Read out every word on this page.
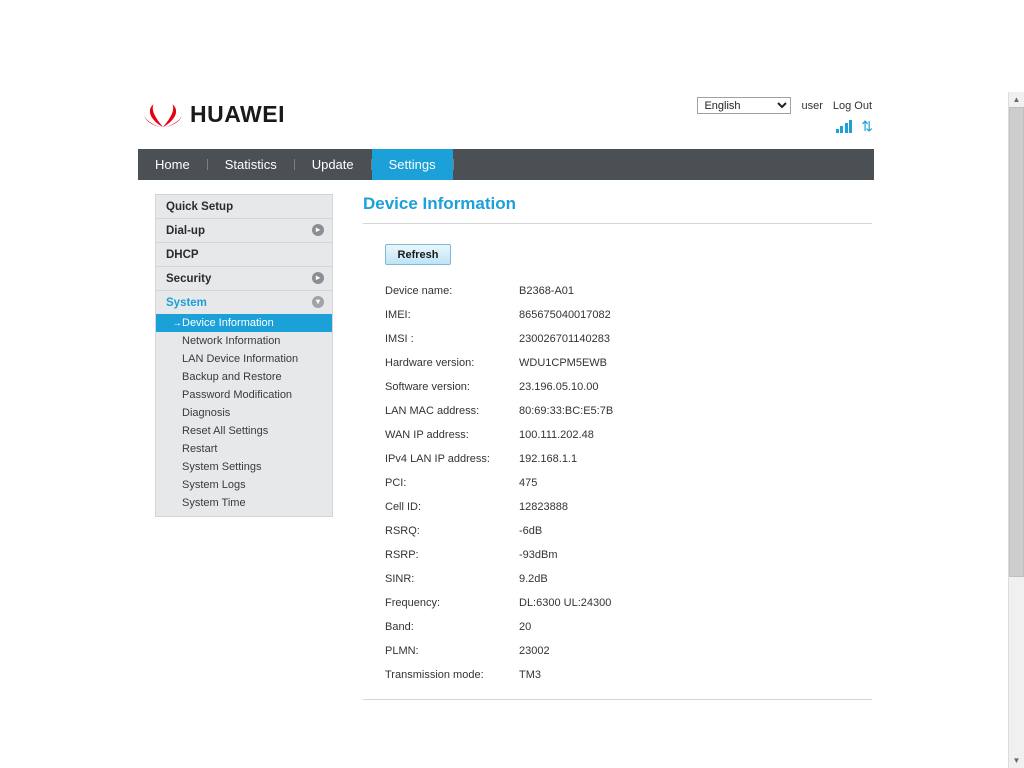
HUAWEI
English	user Log Out
⇅
Home	Statistics	Update	Settings
Quick Setup
Dial-up	▸
DHCP
Security	▸
System	▾
→ Device Information
Network Information
LAN Device Information
Backup and Restore
Password Modification
Diagnosis
Reset All Settings
Restart
System Settings
System Logs
System Time
Device Information
Refresh
Device name:	B2368-A01
IMEI:	865675040017082
IMSI :	230026701140283
Hardware version:	WDU1CPM5EWB
Software version:	23.196.05.10.00
LAN MAC address:	80:69:33:BC:E5:7B
WAN IP address:	100.111.202.48
IPv4 LAN IP address:	192.168.1.1
PCI:	475
Cell ID:	12823888
RSRQ:	-6dB
RSRP:	-93dBm
SINR:	9.2dB
Frequency:	DL:6300 UL:24300
Band:	20
PLMN:	23002
Transmission mode:	TM3
▲
▼
